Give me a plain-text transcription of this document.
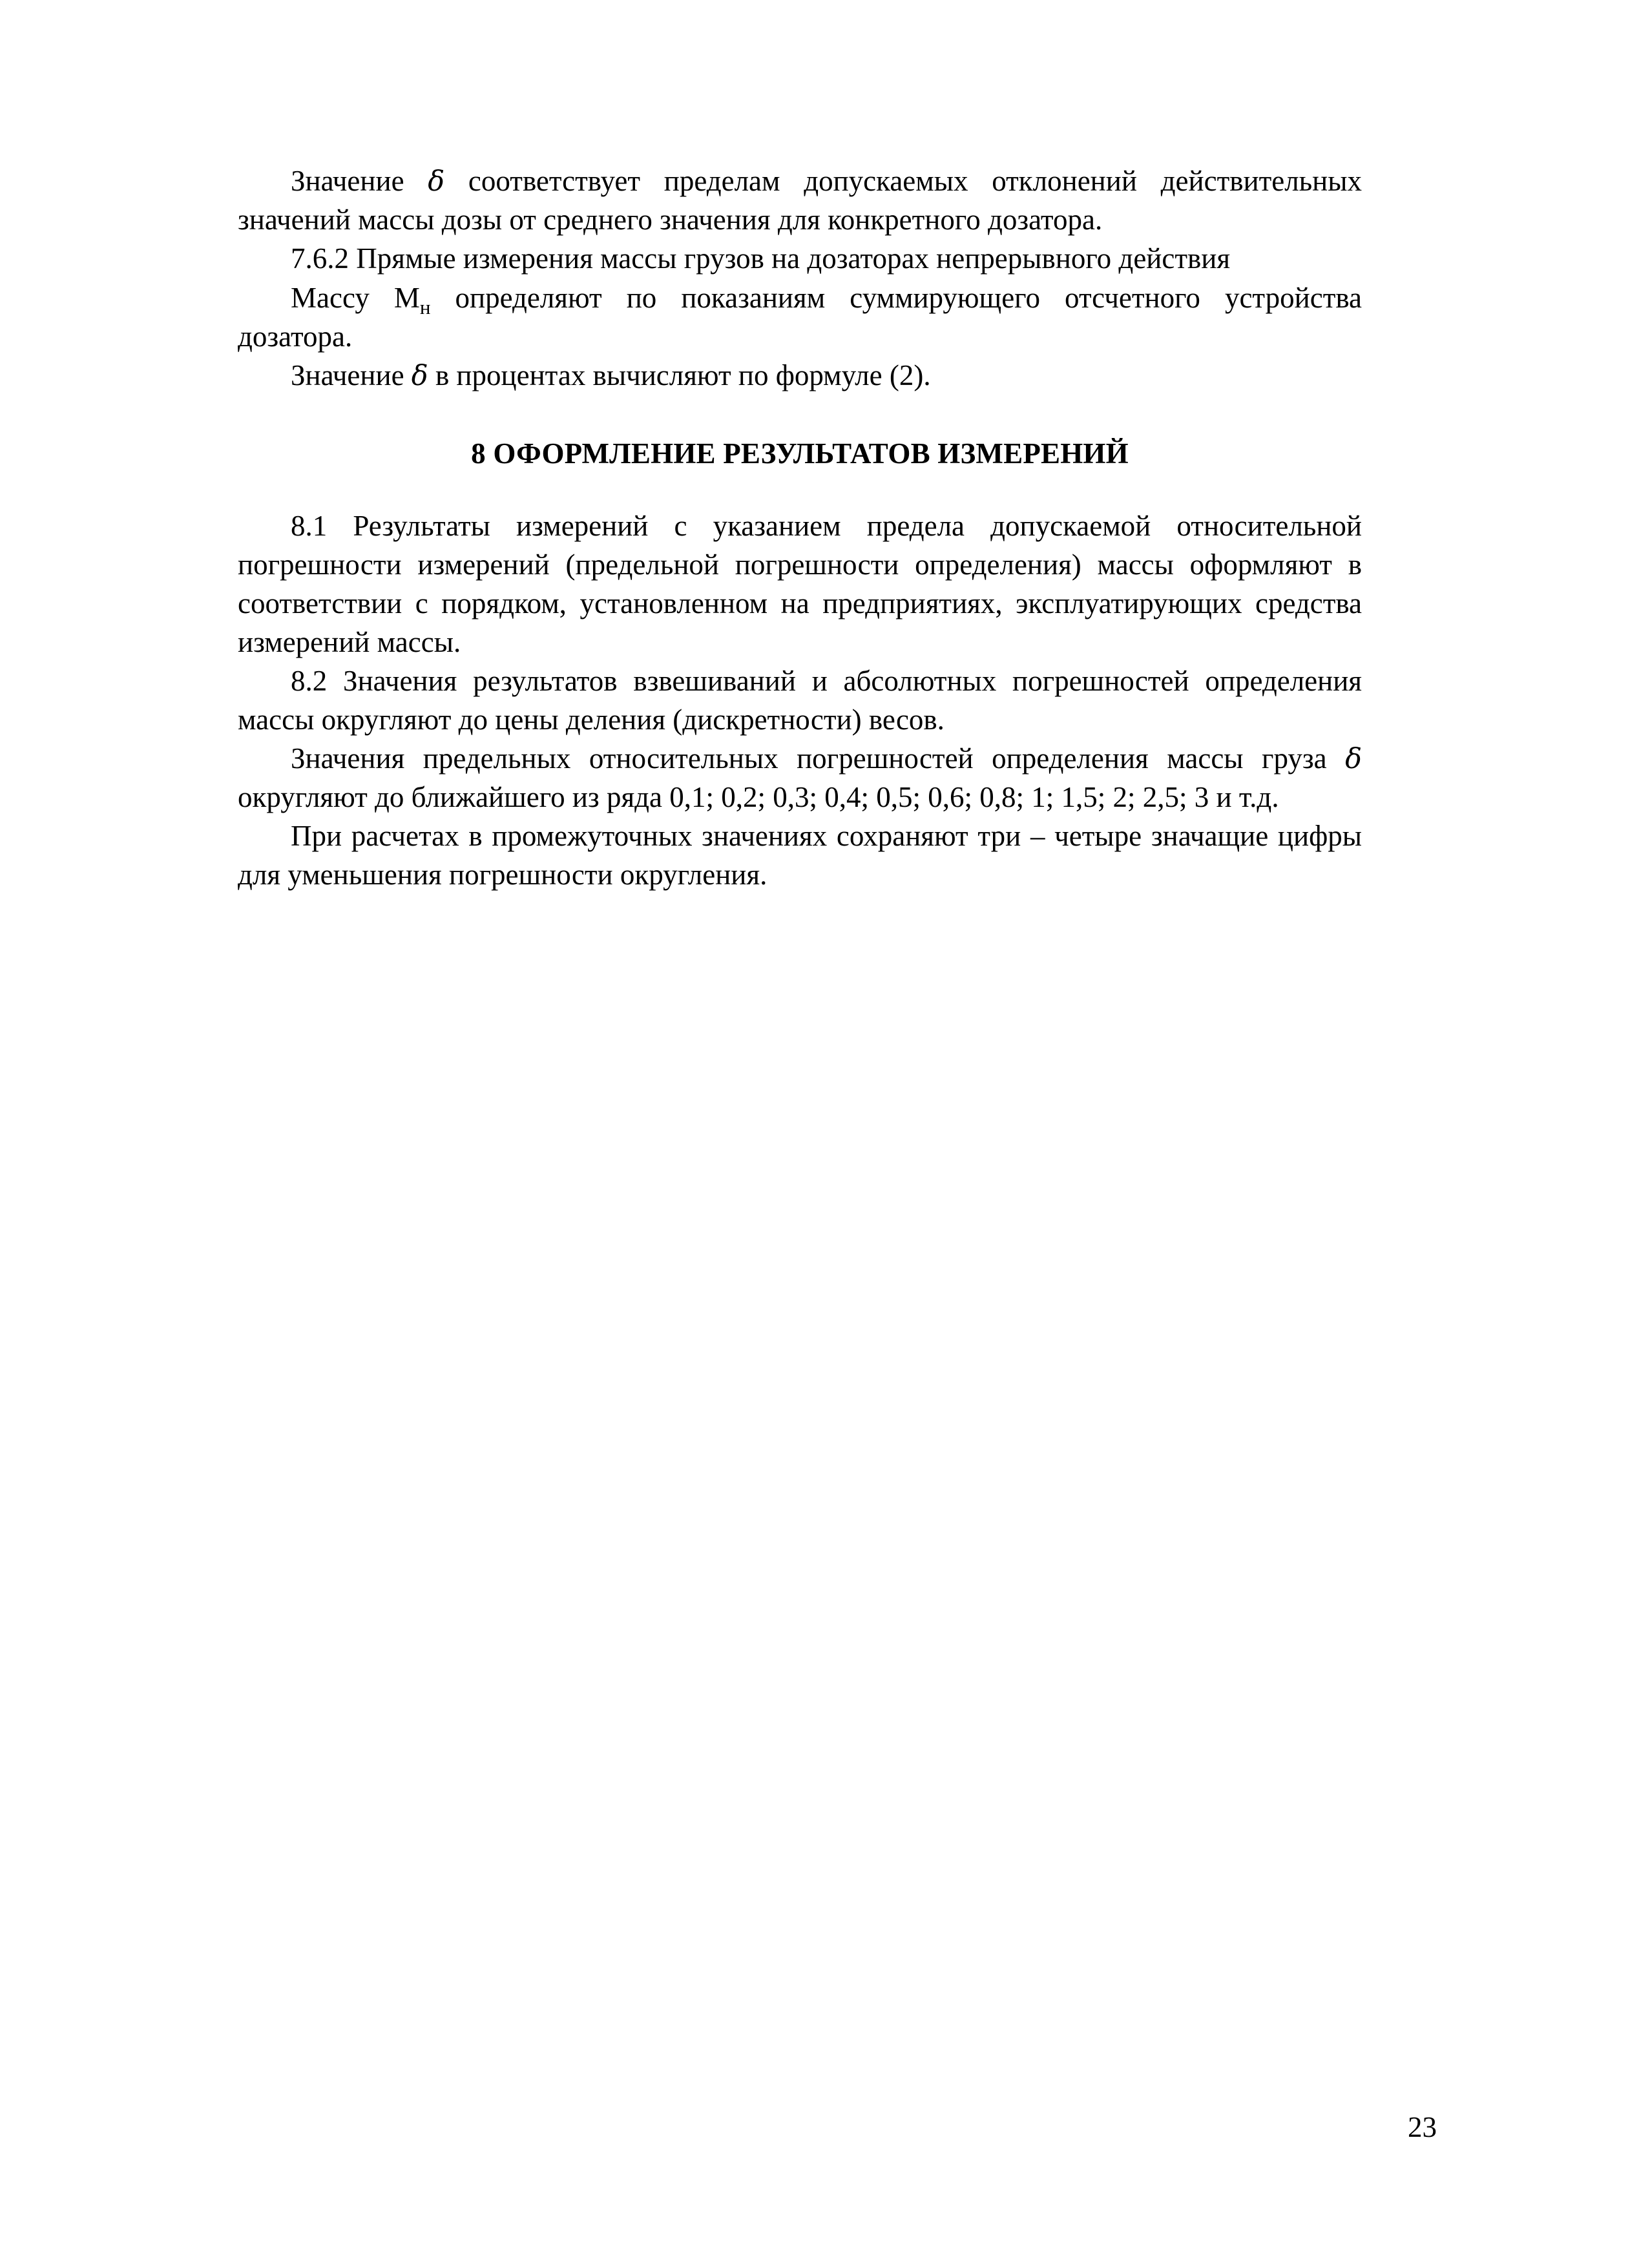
Значение δ соответствует пределам допускаемых отклонений действительных значений массы дозы от среднего значения для конкретного дозатора.

7.6.2 Прямые измерения массы грузов на дозаторах непрерывного действия

Массу $М_н$ определяют по показаниям суммирующего отсчетного устройства дозатора.

Значение δ в процентах вычисляют по формуле (2).

8 ОФОРМЛЕНИЕ РЕЗУЛЬТАТОВ ИЗМЕРЕНИЙ

8.1 Результаты измерений с указанием предела допускаемой относительной погрешности измерений (предельной погрешности определения) массы оформляют в соответствии с порядком, установленном на предприятиях, эксплуатирующих средства измерений массы.

8.2 Значения результатов взвешиваний и абсолютных погрешностей определения массы округляют до цены деления (дискретности) весов.

Значения предельных относительных погрешностей определения массы груза δ округляют до ближайшего из ряда 0,1; 0,2; 0,3; 0,4; 0,5; 0,6; 0,8; 1; 1,5; 2; 2,5; 3 и т.д.

При расчетах в промежуточных значениях сохраняют три – четыре значащие цифры для уменьшения погрешности округления.

23
